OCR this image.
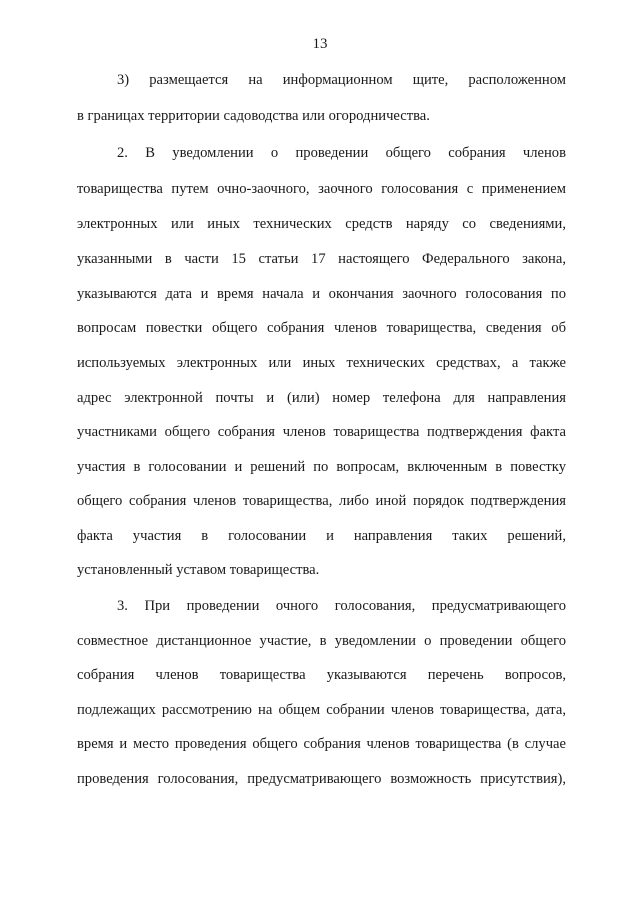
13
3) размещается на информационном щите, расположенном
в границах территории садоводства или огородничества.
2. В уведомлении о проведении общего собрания членов
товарищества путем очно-заочного, заочного голосования с применением
электронных или иных технических средств наряду со сведениями,
указанными в части 15 статьи 17 настоящего Федерального закона,
указываются дата и время начала и окончания заочного голосования по
вопросам повестки общего собрания членов товарищества, сведения об
используемых электронных или иных технических средствах, а также
адрес электронной почты и (или) номер телефона для направления
участниками общего собрания членов товарищества подтверждения факта
участия в голосовании и решений по вопросам, включенным в повестку
общего собрания членов товарищества, либо иной порядок подтверждения
факта участия в голосовании и направления таких решений,
установленный уставом товарищества.
3. При проведении очного голосования, предусматривающего
совместное дистанционное участие, в уведомлении о проведении общего
собрания членов товарищества указываются перечень вопросов,
подлежащих рассмотрению на общем собрании членов товарищества, дата,
время и место проведения общего собрания членов товарищества (в случае
проведения голосования, предусматривающего возможность присутствия),
